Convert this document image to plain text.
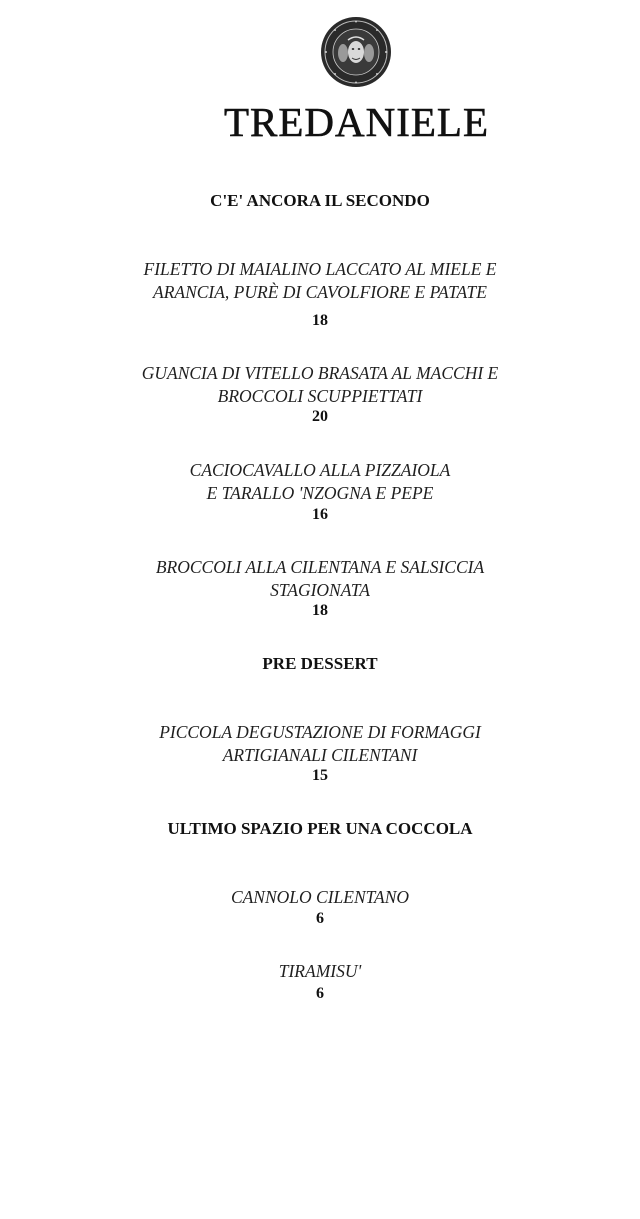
TREDANIELE
C'E' ANCORA IL SECONDO
FILETTO DI MAIALINO LACCATO AL MIELE E
ARANCIA, PURÈ DI CAVOLFIORE E PATATE
18
GUANCIA DI VITELLO BRASATA AL MACCHI E
BROCCOLI SCUPPIETTATI
20
CACIOCAVALLO ALLA PIZZAIOLA
E TARALLO 'NZOGNA E PEPE
16
BROCCOLI ALLA CILENTANA E SALSICCIA
STAGIONATA
18
PRE DESSERT
PICCOLA DEGUSTAZIONE DI FORMAGGI
ARTIGIANALI CILENTANI
15
ULTIMO SPAZIO PER UNA COCCOLA
CANNOLO CILENTANO
6
TIRAMISU'
6
